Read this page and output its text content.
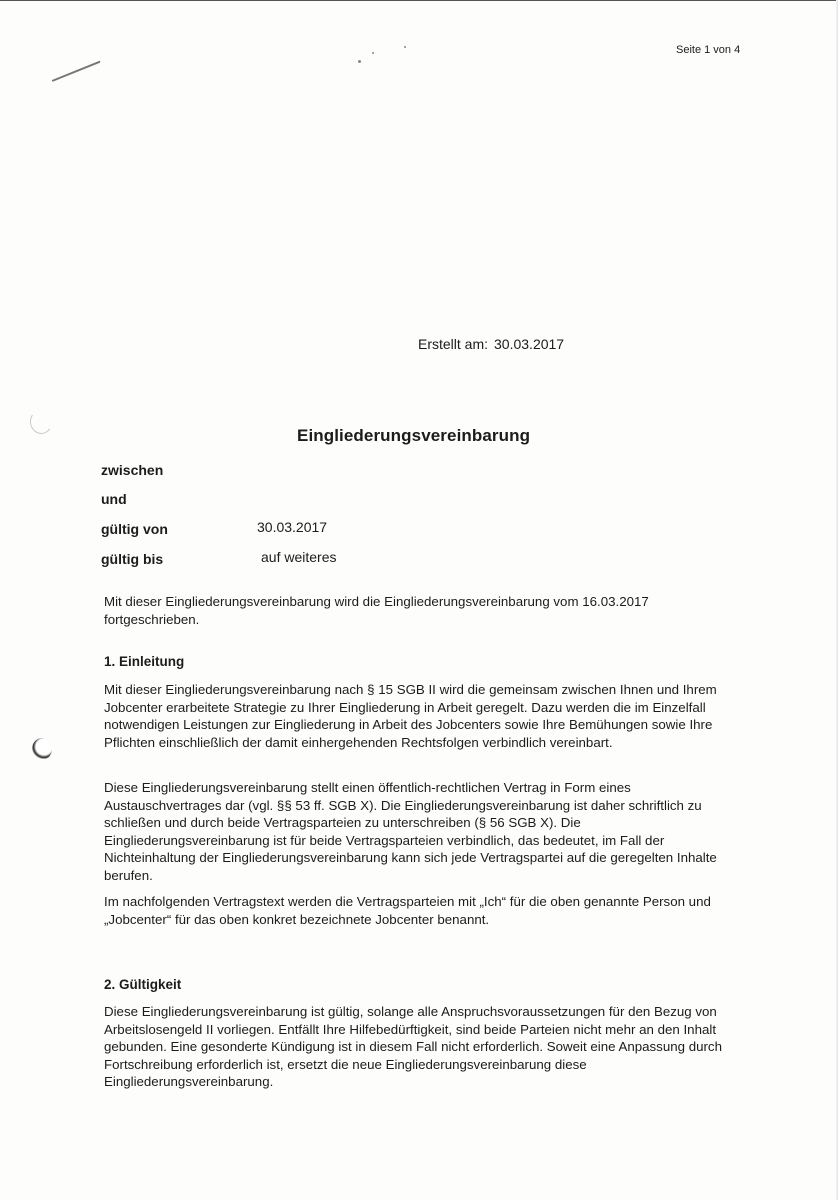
Seite 1 von 4
Erstellt am: 30.03.2017
Eingliederungsvereinbarung
zwischen
und
gültig von	30.03.2017
gültig bis	auf weiteres

Mit dieser Eingliederungsvereinbarung wird die Eingliederungsvereinbarung vom 16.03.2017 fortgeschrieben.

1. Einleitung

Mit dieser Eingliederungsvereinbarung nach § 15 SGB II wird die gemeinsam zwischen Ihnen und Ihrem Jobcenter erarbeitete Strategie zu Ihrer Eingliederung in Arbeit geregelt. Dazu werden die im Einzelfall notwendigen Leistungen zur Eingliederung in Arbeit des Jobcenters sowie Ihre Bemühungen sowie Ihre Pflichten einschließlich der damit einhergehenden Rechtsfolgen verbindlich vereinbart.

Diese Eingliederungsvereinbarung stellt einen öffentlich-rechtlichen Vertrag in Form eines Austauschvertrages dar (vgl. §§ 53 ff. SGB X). Die Eingliederungsvereinbarung ist daher schriftlich zu schließen und durch beide Vertragsparteien zu unterschreiben (§ 56 SGB X). Die Eingliederungsvereinbarung ist für beide Vertragsparteien verbindlich, das bedeutet, im Fall der Nichteinhaltung der Eingliederungsvereinbarung kann sich jede Vertragspartei auf die geregelten Inhalte berufen.

Im nachfolgenden Vertragstext werden die Vertragsparteien mit „Ich“ für die oben genannte Person und „Jobcenter“ für das oben konkret bezeichnete Jobcenter benannt.

2. Gültigkeit

Diese Eingliederungsvereinbarung ist gültig, solange alle Anspruchsvoraussetzungen für den Bezug von Arbeitslosengeld II vorliegen. Entfällt Ihre Hilfebedürftigkeit, sind beide Parteien nicht mehr an den Inhalt gebunden. Eine gesonderte Kündigung ist in diesem Fall nicht erforderlich. Soweit eine Anpassung durch Fortschreibung erforderlich ist, ersetzt die neue Eingliederungsvereinbarung diese Eingliederungsvereinbarung.
